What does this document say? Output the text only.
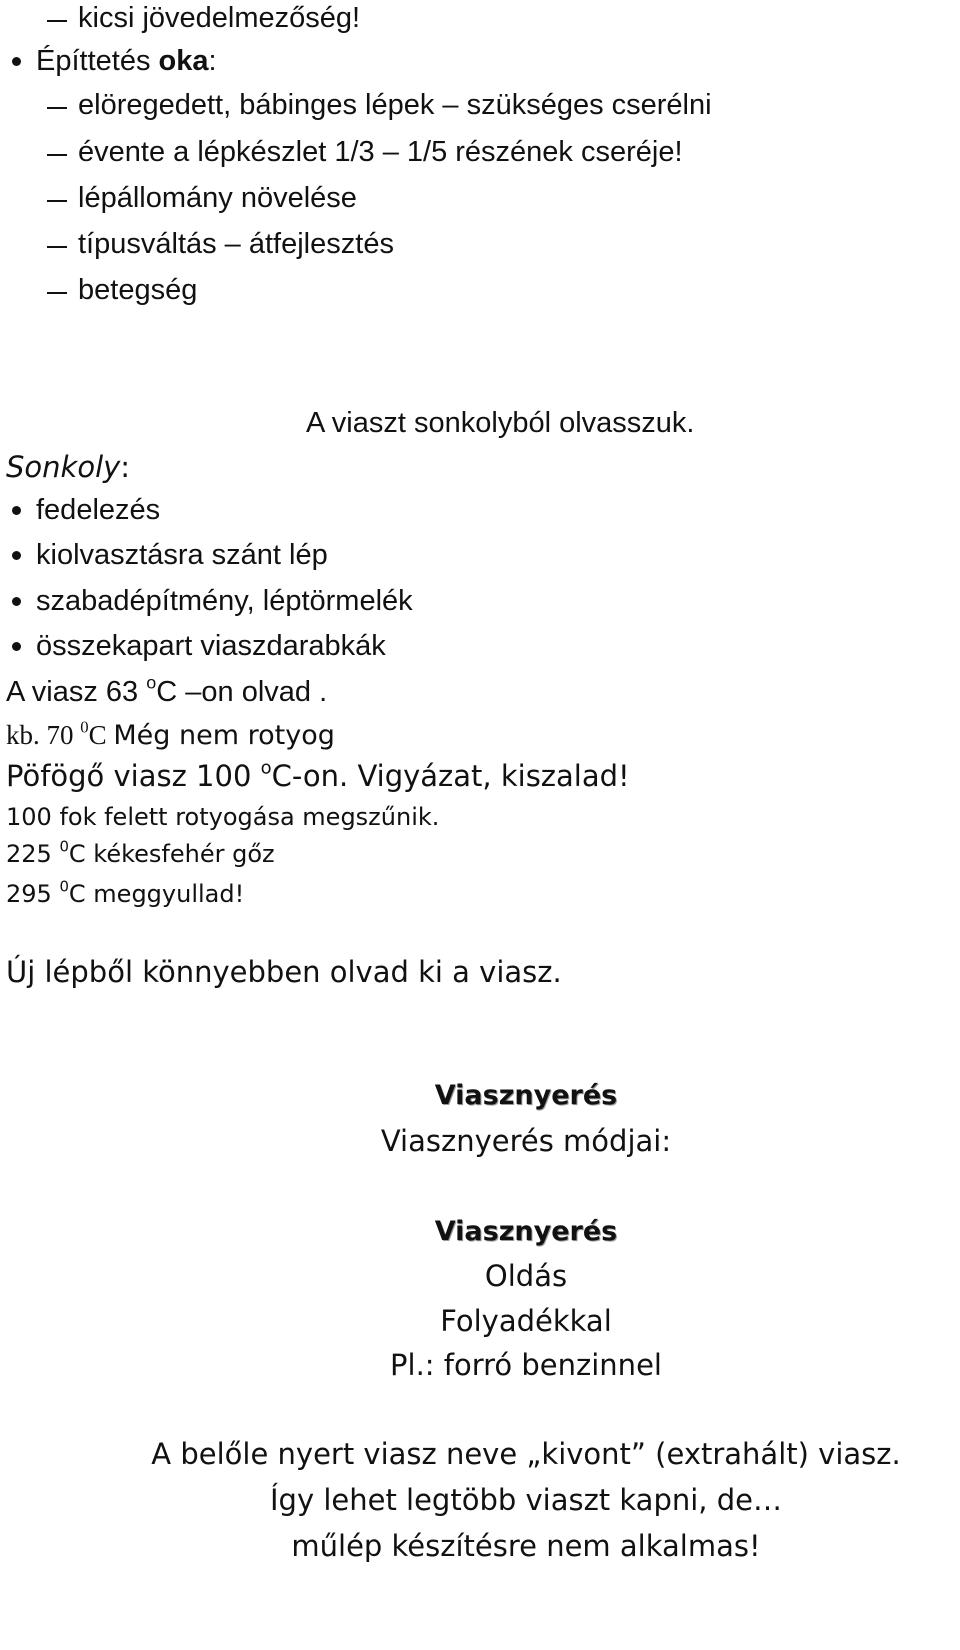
kicsi jövedelmezőség!
Építtetés oka:
elöregedett, bábinges lépek – szükséges cserélni
évente a lépkészlet 1/3 – 1/5 részének cseréje!
lépállomány növelése
típusváltás – átfejlesztés
betegség
A viaszt sonkolyból olvasszuk.
Sonkoly:
fedelezés
kiolvasztásra szánt lép
szabadépítmény, léptörmelék
összekapart viaszdarabkák
A viasz 63 $^o$C –on olvad .
kb. 70 $^0$C Még nem rotyog
Pöfögő viasz 100 $^o$C-on. Vigyázat, kiszalad!
100 fok felett rotyogása megszűnik.
225 $^0$C kékesfehér gőz
295 $^0$C meggyullad!
Új lépből könnyebben olvad ki a viasz.
Viasznyerés
Viasznyerés módjai:
Viasznyerés
Oldás
Folyadékkal
Pl.: forró benzinnel
A belőle nyert viasz neve „kivont” (extrahált) viasz.
Így lehet legtöbb viaszt kapni, de…
műlép készítésre nem alkalmas!
